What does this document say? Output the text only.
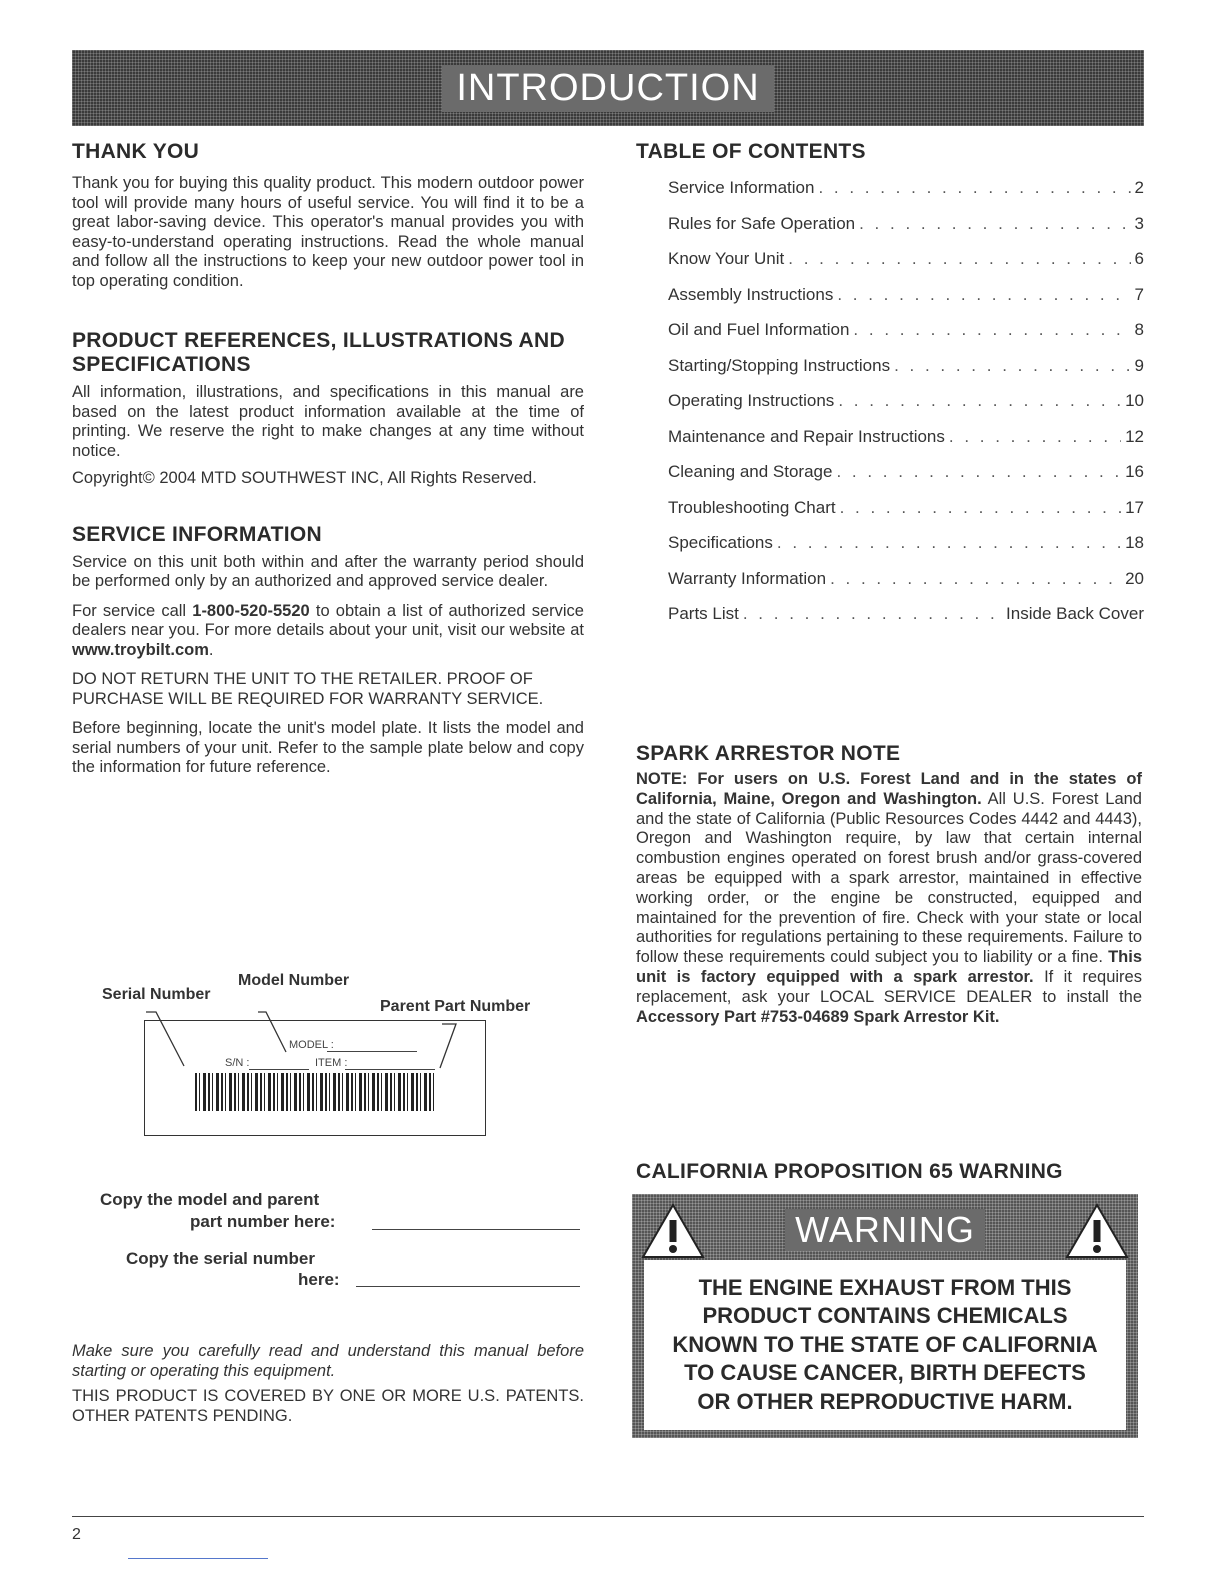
INTRODUCTION
THANK YOU

Thank you for buying this quality product. This modern outdoor power tool will provide many hours of useful service. You will find it to be a great labor-saving device. This operator's manual provides you with easy-to-understand operating instructions. Read the whole manual and follow all the instructions to keep your new outdoor power tool in top operating condition.

PRODUCT REFERENCES, ILLUSTRATIONS AND SPECIFICATIONS

All information, illustrations, and specifications in this manual are based on the latest product information available at the time of printing. We reserve the right to make changes at any time without notice.

Copyright© 2004 MTD SOUTHWEST INC, All Rights Reserved.

SERVICE INFORMATION

Service on this unit both within and after the warranty period should be performed only by an authorized and approved service dealer.

For service call 1-800-520-5520 to obtain a list of authorized service dealers near you. For more details about your unit, visit our website at www.troybilt.com.

DO NOT RETURN THE UNIT TO THE RETAILER. PROOF OF PURCHASE WILL BE REQUIRED FOR WARRANTY SERVICE.

Before beginning, locate the unit's model plate. It lists the model and serial numbers of your unit. Refer to the sample plate below and copy the information for future reference.

Serial Number
Model Number
Parent Part Number
MODEL :
S/N :	ITEM :
Copy the model and parent
part number here:
Copy the serial number
here:

Make sure you carefully read and understand this manual before starting or operating this equipment.

THIS PRODUCT IS COVERED BY ONE OR MORE U.S. PATENTS. OTHER PATENTS PENDING.

TABLE OF CONTENTS
Service Information . . .	2
Rules for Safe Operation . . .	3
Know Your Unit . . .	6
Assembly Instructions . . .	7
Oil and Fuel Information . . .	8
Starting/Stopping Instructions . . .	9
Operating Instructions . . .	10
Maintenance and Repair Instructions . . .	12
Cleaning and Storage . . .	16
Troubleshooting Chart . . .	17
Specifications . . .	18
Warranty Information . . .	20
Parts List . . .	Inside Back Cover
SPARK ARRESTOR NOTE

NOTE: For users on U.S. Forest Land and in the states of California, Maine, Oregon and Washington. All U.S. Forest Land and the state of California (Public Resources Codes 4442 and 4443), Oregon and Washington require, by law that certain internal combustion engines operated on forest brush and/or grass-covered areas be equipped with a spark arrestor, maintained in effective working order, or the engine be constructed, equipped and maintained for the prevention of fire. Check with your state or local authorities for regulations pertaining to these requirements. Failure to follow these requirements could subject you to liability or a fine. This unit is factory equipped with a spark arrestor. If it requires replacement, ask your LOCAL SERVICE DEALER to install the Accessory Part #753-04689 Spark Arrestor Kit.

CALIFORNIA PROPOSITION 65 WARNING
WARNING

THE ENGINE EXHAUST FROM THIS

PRODUCT CONTAINS CHEMICALS

KNOWN TO THE STATE OF CALIFORNIA

TO CAUSE CANCER, BIRTH DEFECTS

OR OTHER REPRODUCTIVE HARM.

2
